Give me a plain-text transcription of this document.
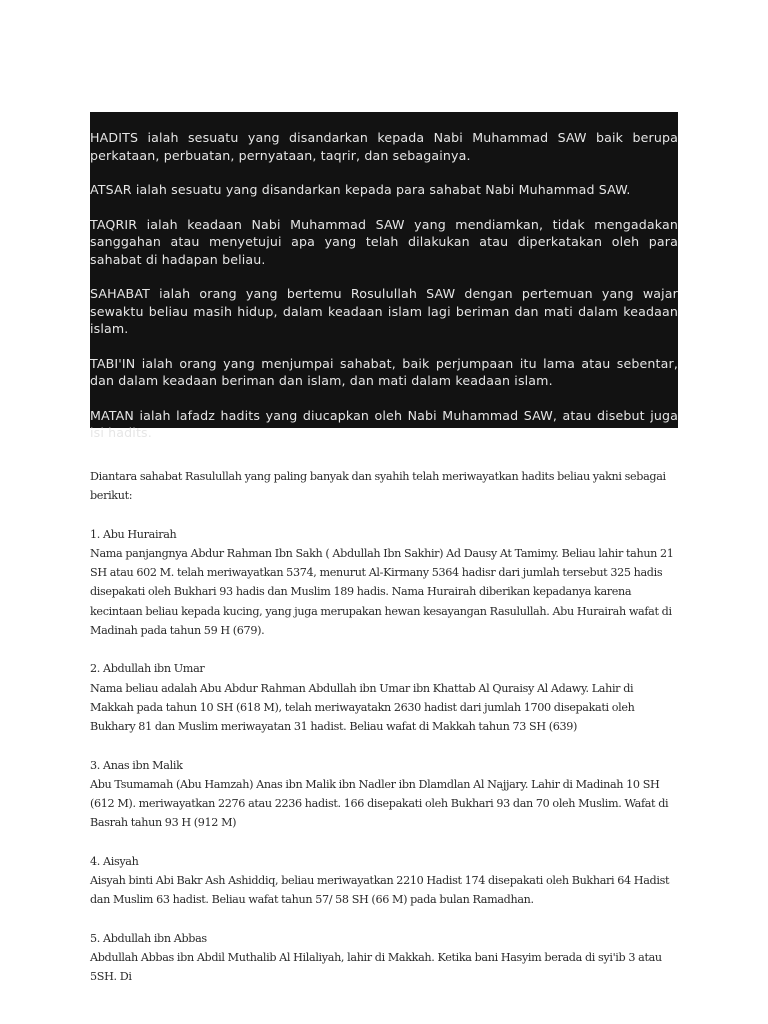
HADITS ialah sesuatu yang disandarkan kepada Nabi Muhammad SAW baik berupa perkataan, perbuatan, pernyataan, taqrir, dan sebagainya.

ATSAR ialah sesuatu yang disandarkan kepada para sahabat Nabi Muhammad SAW.

TAQRIR ialah keadaan Nabi Muhammad SAW yang mendiamkan, tidak mengadakan sanggahan atau menyetujui apa yang telah dilakukan atau diperkatakan oleh para sahabat di hadapan beliau.

SAHABAT ialah orang yang bertemu Rosulullah SAW dengan pertemuan yang wajar sewaktu beliau masih hidup, dalam keadaan islam lagi beriman dan mati dalam keadaan islam.

TABI'IN ialah orang yang menjumpai sahabat, baik perjumpaan itu lama atau sebentar, dan dalam keadaan beriman dan islam, dan mati dalam keadaan islam.

MATAN ialah lafadz hadits yang diucapkan oleh Nabi Muhammad SAW, atau disebut juga isi hadits.

Diantara sahabat Rasulullah yang paling banyak dan syahih telah meriwayatkan hadits beliau yakni sebagai berikut:

1. Abu Hurairah

Nama panjangnya Abdur Rahman Ibn Sakh ( Abdullah Ibn Sakhir) Ad Dausy At Tamimy. Beliau lahir tahun 21 SH atau 602 M. telah meriwayatkan 5374, menurut Al-Kirmany 5364 hadisr dari jumlah tersebut 325 hadis disepakati oleh Bukhari 93 hadis dan Muslim 189 hadis. Nama Hurairah diberikan kepadanya karena kecintaan beliau kepada kucing, yang juga merupakan hewan kesayangan Rasulullah. Abu Hurairah wafat di Madinah pada tahun 59 H (679).

2. Abdullah ibn Umar

Nama beliau adalah Abu Abdur Rahman Abdullah ibn Umar ibn Khattab Al Quraisy Al Adawy. Lahir di Makkah pada tahun 10 SH (618 M), telah meriwayatakn 2630 hadist dari jumlah 1700 disepakati oleh Bukhary 81 dan Muslim meriwayatan 31 hadist. Beliau wafat di Makkah tahun 73 SH (639)

3. Anas ibn Malik

Abu Tsumamah (Abu Hamzah) Anas ibn Malik ibn Nadler ibn Dlamdlan Al Najjary. Lahir di Madinah 10 SH (612 M). meriwayatkan 2276 atau 2236 hadist. 166 disepakati oleh Bukhari 93 dan 70 oleh Muslim. Wafat di Basrah tahun 93 H (912 M)

4. Aisyah

Aisyah binti Abi Bakr Ash Ashiddiq, beliau meriwayatkan 2210 Hadist 174 disepakati oleh Bukhari 64 Hadist dan Muslim 63 hadist. Beliau wafat tahun 57/ 58 SH (66 M) pada bulan Ramadhan.

5. Abdullah ibn Abbas

Abdullah Abbas ibn Abdil Muthalib Al Hilaliyah, lahir di Makkah. Ketika bani Hasyim berada di syi'ib 3 atau 5SH. Di
